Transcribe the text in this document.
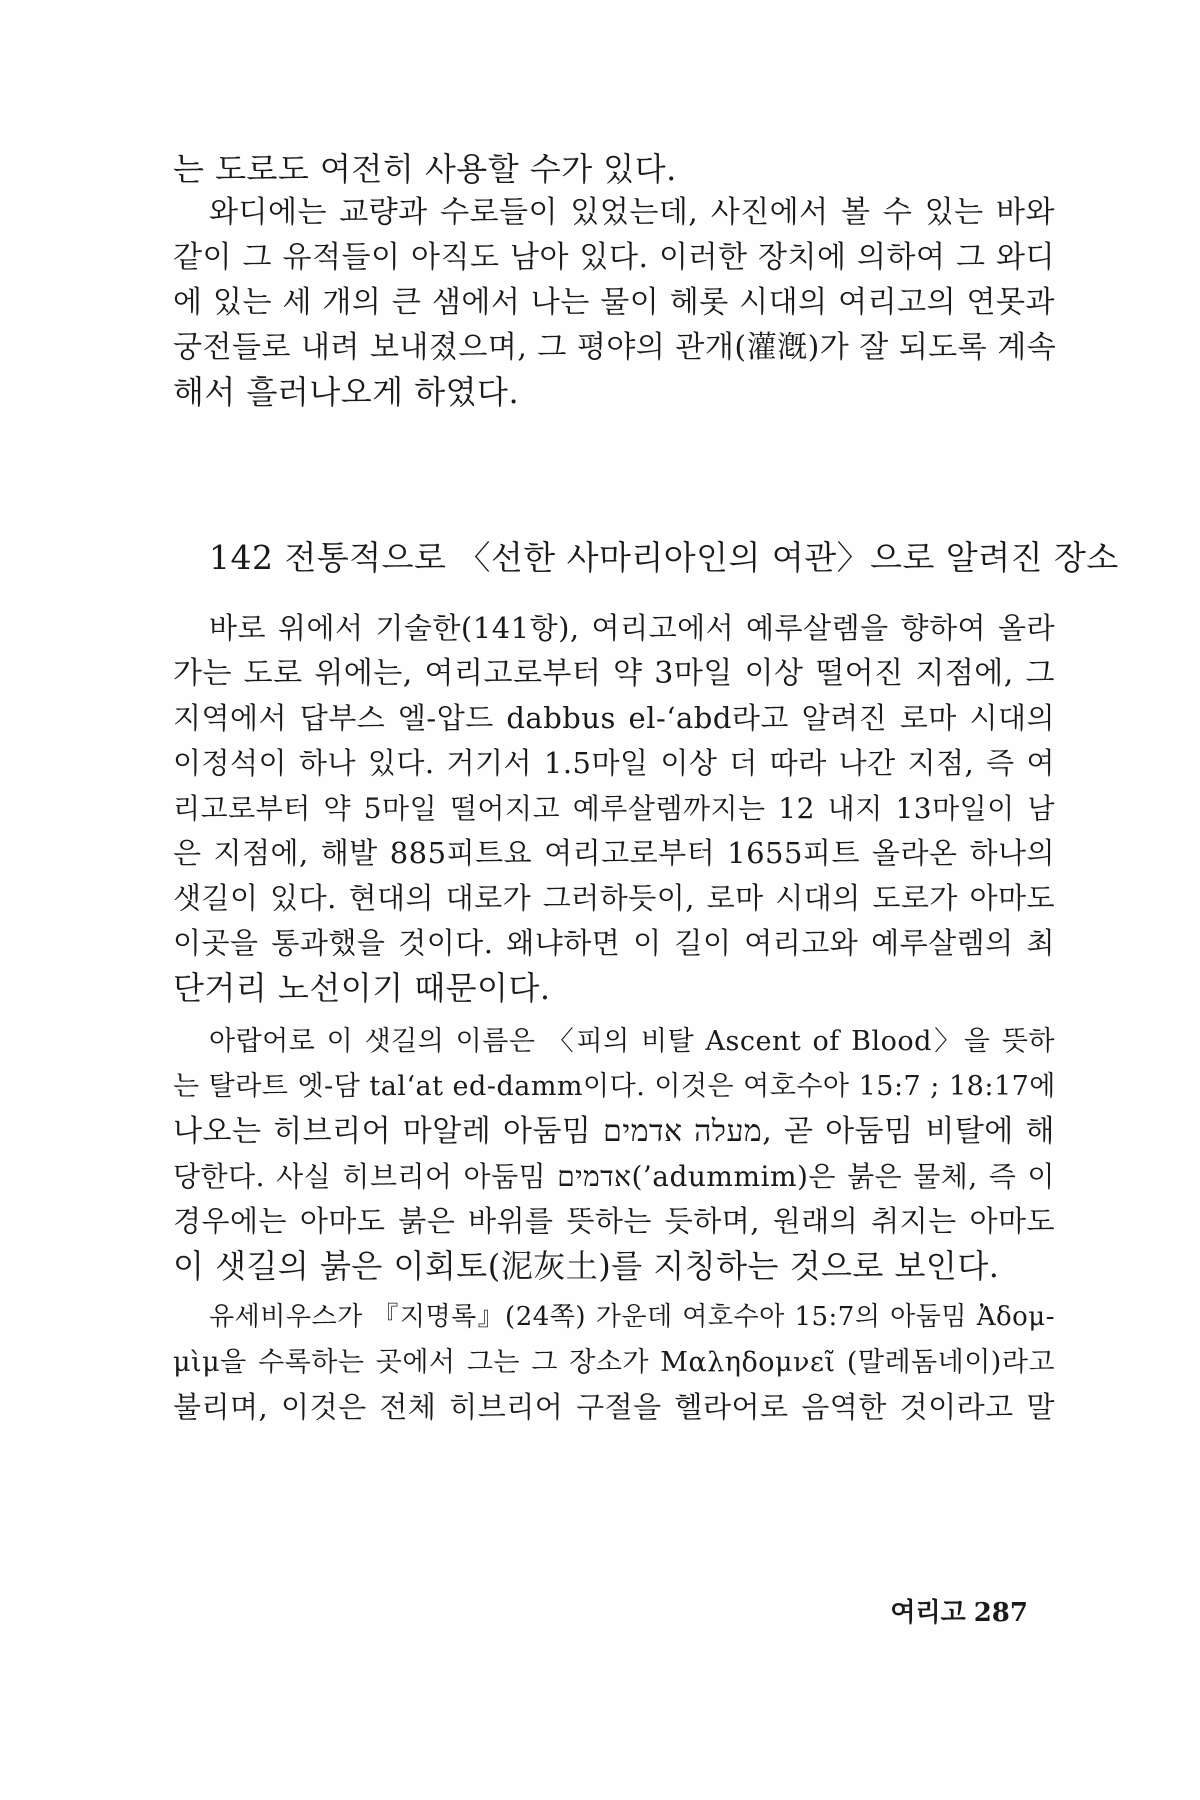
는 도로도 여전히 사용할 수가 있다.
와디에는 교량과 수로들이 있었는데, 사진에서 볼 수 있는 바와
같이 그 유적들이 아직도 남아 있다. 이러한 장치에 의하여 그 와디
에 있는 세 개의 큰 샘에서 나는 물이 헤롯 시대의 여리고의 연못과
궁전들로 내려 보내졌으며, 그 평야의 관개(灌漑)가 잘 되도록 계속
해서 흘러나오게 하였다.
142 전통적으로 〈선한 사마리아인의 여관〉으로 알려진 장소
바로 위에서 기술한(141항), 여리고에서 예루살렘을 향하여 올라
가는 도로 위에는, 여리고로부터 약 3마일 이상 떨어진 지점에, 그
지역에서 답부스 엘-압드 dabbus el-‘abd라고 알려진 로마 시대의
이정석이 하나 있다. 거기서 1.5마일 이상 더 따라 나간 지점, 즉 여
리고로부터 약 5마일 떨어지고 예루살렘까지는 12 내지 13마일이 남
은 지점에, 해발 885피트요 여리고로부터 1655피트 올라온 하나의
샛길이 있다. 현대의 대로가 그러하듯이, 로마 시대의 도로가 아마도
이곳을 통과했을 것이다. 왜냐하면 이 길이 여리고와 예루살렘의 최
단거리 노선이기 때문이다.
아랍어로 이 샛길의 이름은 〈피의 비탈 Ascent of Blood〉을 뜻하
는 탈라트 엣-담 tal‘at ed-damm이다. 이것은 여호수아 15:7 ; 18:17에
나오는 히브리어 마알레 아둠밈 מעלה אדמים, 곧 아둠밈 비탈에 해
당한다. 사실 히브리어 아둠밈 אדמים(’adummim)은 붉은 물체, 즉 이
경우에는 아마도 붉은 바위를 뜻하는 듯하며, 원래의 취지는 아마도
이 샛길의 붉은 이회토(泥灰土)를 지칭하는 것으로 보인다.
유세비우스가 『지명록』(24쪽) 가운데 여호수아 15:7의 아둠밈 Ἀδομ-
μὶμ을 수록하는 곳에서 그는 그 장소가 Μαληδομνεῖ (말레돔네이)라고
불리며, 이것은 전체 히브리어 구절을 헬라어로 음역한 것이라고 말
여리고 287
